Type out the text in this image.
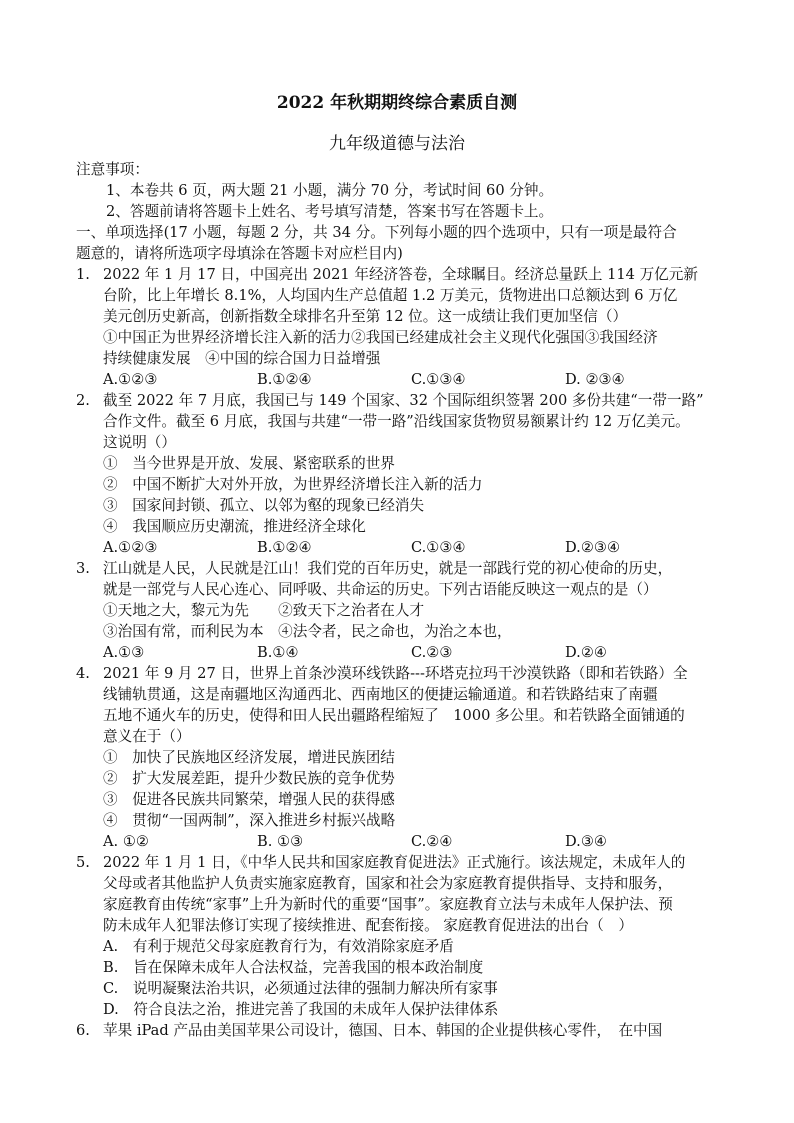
2022 年秋期期终综合素质自测
九年级道德与法治
注意事项：
1、本卷共 6 页，两大题 21 小题，满分 70 分，考试时间 60 分钟。
2、答题前请将答题卡上姓名、考号填写清楚，答案书写在答题卡上。
一、单项选择(17 小题，每题 2 分，共 34 分。下列每小题的四个选项中，只有一项是最符合
题意的，请将所选项字母填涂在答题卡对应栏目内)
1. 2022 年 1 月 17 日，中国亮出 2021 年经济答卷，全球瞩目。经济总量跃上 114 万亿元新
台阶，比上年增长 8.1%，人均国内生产总值超 1.2 万美元，货物进出口总额达到 6 万亿
美元创历史新高，创新指数全球排名升至第 12 位。这一成绩让我们更加坚信（）
①中国正为世界经济增长注入新的活力②我国已经建成社会主义现代化强国③我国经济
持续健康发展　④中国的综合国力日益增强
A.①②③	B.①②④	C.①③④	D. ②③④
2. 截至 2022 年 7 月底，我国已与 149 个国家、32 个国际组织签署 200 多份共建“一带一路”
合作文件。截至 6 月底，我国与共建“一带一路”沿线国家货物贸易额累计约 12 万亿美元。
这说明（）
①　当今世界是开放、发展、紧密联系的世界
②　中国不断扩大对外开放，为世界经济增长注入新的活力
③　国家间封锁、孤立、以邻为壑的现象已经消失
④　我国顺应历史潮流，推进经济全球化
A.①②③	B.①②④	C.①③④	D.②③④
3. 江山就是人民，人民就是江山！我们党的百年历史，就是一部践行党的初心使命的历史，
就是一部党与人民心连心、同呼吸、共命运的历史。下列古语能反映这一观点的是（）
①天地之大，黎元为先　　②致天下之治者在人才
③治国有常，而利民为本　④法令者，民之命也，为治之本也，
A.①③	B.①④	C.②③	D.②④
4. 2021 年 9 月 27 日，世界上首条沙漠环线铁路---环塔克拉玛干沙漠铁路（即和若铁路）全
线铺轨贯通，这是南疆地区沟通西北、西南地区的便捷运输通道。和若铁路结束了南疆
五地不通火车的历史，使得和田人民出疆路程缩短了　1000 多公里。和若铁路全面铺通的
意义在于（）
①　加快了民族地区经济发展，增进民族团结
②　扩大发展差距，提升少数民族的竞争优势
③　促进各民族共同繁荣，增强人民的获得感
④　贯彻“一国两制”，深入推进乡村振兴战略
A. ①②	B. ①③	C.②④	D.③④
5. 2022 年 1 月 1 日，《中华人民共和国家庭教育促进法》正式施行。该法规定，未成年人的
父母或者其他监护人负责实施家庭教育，国家和社会为家庭教育提供指导、支持和服务，
家庭教育由传统“家事”上升为新时代的重要“国事”。家庭教育立法与未成年人保护法、预
防未成年人犯罪法修订实现了接续推进、配套衔接。 家庭教育促进法的出台（　）
A.　有利于规范父母家庭教育行为，有效消除家庭矛盾
B.　旨在保障未成年人合法权益，完善我国的根本政治制度
C.　说明凝聚法治共识，必须通过法律的强制力解决所有家事
D.　符合良法之治，推进完善了我国的未成年人保护法律体系
6. 苹果 iPad 产品由美国苹果公司设计，德国、日本、韩国的企业提供核心零件，　在中国
